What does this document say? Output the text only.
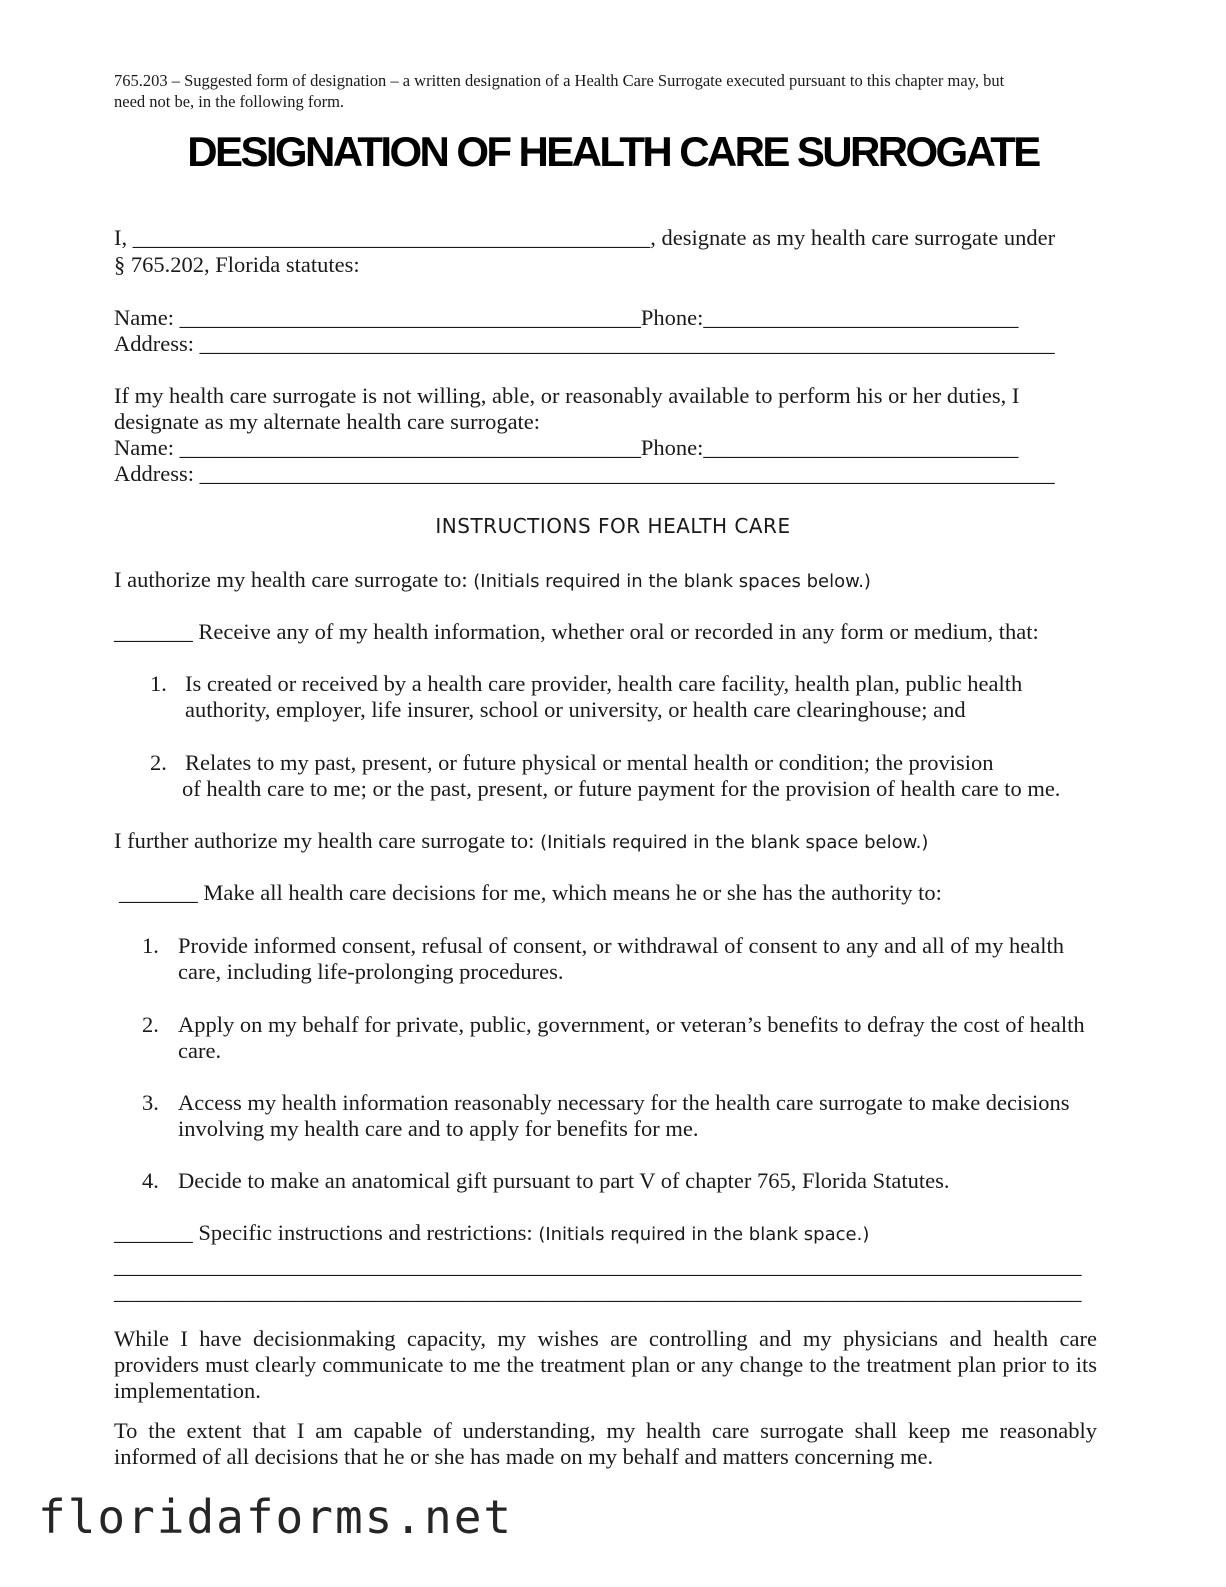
765.203 – Suggested form of designation – a written designation of a Health Care Surrogate executed pursuant to this chapter may, but
need not be, in the following form.
DESIGNATION OF HEALTH CARE SURROGATE
I, ______________________________________________, designate as my health care surrogate under
§ 765.202, Florida statutes:
Name: _________________________________________Phone:____________________________
Address: ____________________________________________________________________________
If my health care surrogate is not willing, able, or reasonably available to perform his or her duties, I
designate as my alternate health care surrogate:
Name: _________________________________________Phone:____________________________
Address: ____________________________________________________________________________
INSTRUCTIONS FOR HEALTH CARE
I authorize my health care surrogate to: (Initials required in the blank spaces below.)
_______ Receive any of my health information, whether oral or recorded in any form or medium, that:
1. Is created or received by a health care provider, health care facility, health plan, public health
authority, employer, life insurer, school or university, or health care clearinghouse; and
2. Relates to my past, present, or future physical or mental health or condition; the provision
of health care to me; or the past, present, or future payment for the provision of health care to me.
I further authorize my health care surrogate to: (Initials required in the blank space below.)
_______ Make all health care decisions for me, which means he or she has the authority to:
1. Provide informed consent, refusal of consent, or withdrawal of consent to any and all of my health
care, including life-prolonging procedures.
2. Apply on my behalf for private, public, government, or veteran’s benefits to defray the cost of health
care.
3. Access my health information reasonably necessary for the health care surrogate to make decisions
involving my health care and to apply for benefits for me.
4. Decide to make an anatomical gift pursuant to part V of chapter 765, Florida Statutes.
_______ Specific instructions and restrictions: (Initials required in the blank space.)
______________________________________________________________________________________
______________________________________________________________________________________
While I have decisionmaking capacity, my wishes are controlling and my physicians and health care providers must clearly communicate to me the treatment plan or any change to the treatment plan prior to its implementation.
To the extent that I am capable of understanding, my health care surrogate shall keep me reasonably informed of all decisions that he or she has made on my behalf and matters concerning me.
floridaforms.net
